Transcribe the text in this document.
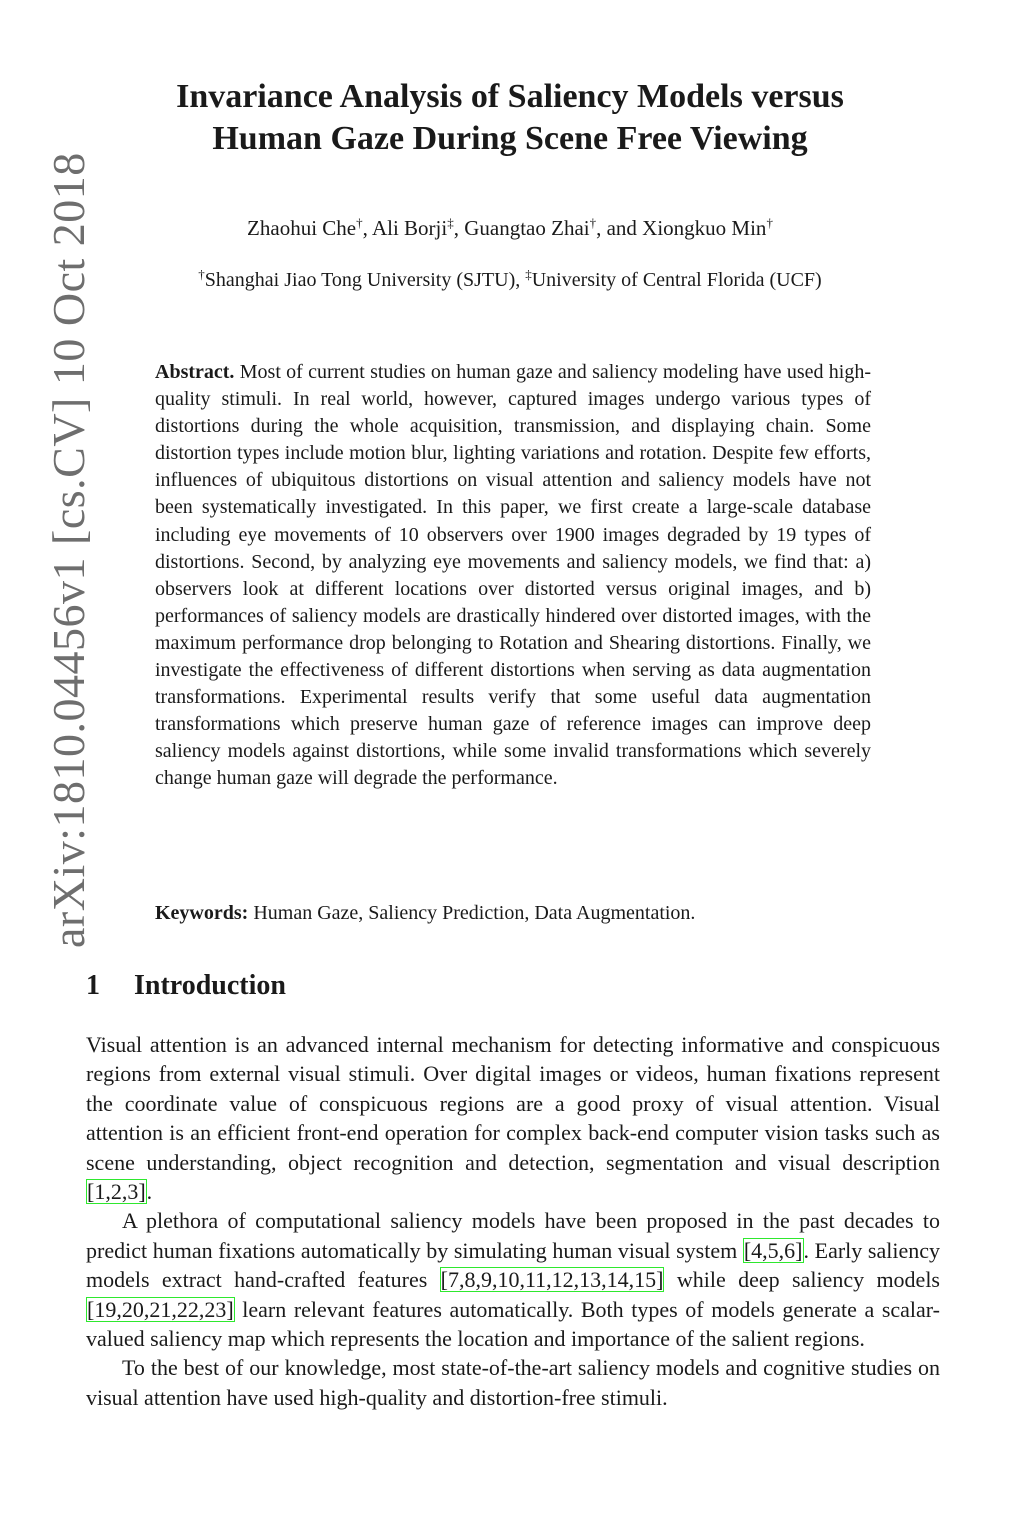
arXiv:1810.04456v1 [cs.CV] 10 Oct 2018
Invariance Analysis of Saliency Models versus
Human Gaze During Scene Free Viewing
Zhaohui Che†, Ali Borji‡, Guangtao Zhai†, and Xiongkuo Min†
†Shanghai Jiao Tong University (SJTU), ‡University of Central Florida (UCF)
Abstract. Most of current studies on human gaze and saliency modeling have used high-quality stimuli. In real world, however, captured images undergo various types of distortions during the whole acquisition, transmission, and displaying chain. Some distortion types include motion blur, lighting variations and rotation. Despite few efforts, influences of ubiquitous distortions on visual attention and saliency models have not been systematically investigated. In this paper, we first create a large-scale database including eye movements of 10 observers over 1900 images degraded by 19 types of distortions. Second, by analyzing eye movements and saliency models, we find that: a) observers look at different locations over distorted versus original images, and b) performances of saliency models are drastically hindered over distorted images, with the maximum performance drop belonging to Rotation and Shearing distortions. Finally, we investigate the effectiveness of different distortions when serving as data augmentation transformations. Experimental results verify that some useful data augmentation transformations which preserve human gaze of reference images can improve deep saliency models against distortions, while some invalid transformations which severely change human gaze will degrade the performance.
Keywords: Human Gaze, Saliency Prediction, Data Augmentation.
1 Introduction

Visual attention is an advanced internal mechanism for detecting informative and conspicuous regions from external visual stimuli. Over digital images or videos, human fixations represent the coordinate value of conspicuous regions are a good proxy of visual attention. Visual attention is an efficient front-end operation for complex back-end computer vision tasks such as scene understanding, object recognition and detection, segmentation and visual description [1,2,3].

A plethora of computational saliency models have been proposed in the past decades to predict human fixations automatically by simulating human visual system [4,5,6]. Early saliency models extract hand-crafted features [7,8,9,10,11,12,13,14,15] while deep saliency models [19,20,21,22,23] learn relevant features automatically. Both types of models generate a scalar-valued saliency map which represents the location and importance of the salient regions.

To the best of our knowledge, most state-of-the-art saliency models and cognitive studies on visual attention have used high-quality and distortion-free stimuli.
